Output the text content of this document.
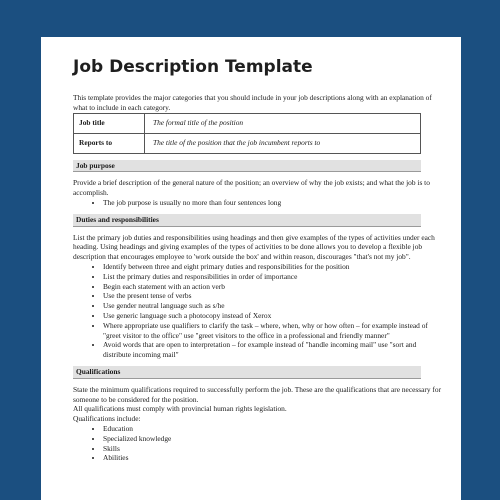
Job Description Template

This template provides the major categories that you should include in your job descriptions along with an explanation of what to include in each category.

Job title	The formal title of the position
Reports to	The title of the position that the job incumbent reports to
Job purpose

Provide a brief description of the general nature of the position; an overview of why the job exists; and what the job is to accomplish.

• The job purpose is usually no more than four sentences long
Duties and responsibilities

List the primary job duties and responsibilities using headings and then give examples of the types of activities under each heading. Using headings and giving examples of the types of activities to be done allows you to develop a flexible job description that encourages employee to 'work outside the box' and within reason, discourages "that's not my job".

• Identify between three and eight primary duties and responsibilities for the position
• List the primary duties and responsibilities in order of importance
• Begin each statement with an action verb
• Use the present tense of verbs
• Use gender neutral language such as s/he
• Use generic language such a photocopy instead of Xerox
• Where appropriate use qualifiers to clarify the task – where, when, why or how often – for example instead of "greet visitor to the office" use "greet visitors to the office in a professional and friendly manner"
• Avoid words that are open to interpretation – for example instead of "handle incoming mail" use "sort and distribute incoming mail"
Qualifications

State the minimum qualifications required to successfully perform the job. These are the qualifications that are necessary for someone to be considered for the position.

All qualifications must comply with provincial human rights legislation.

Qualifications include:

• Education
• Specialized knowledge
• Skills
• Abilities
